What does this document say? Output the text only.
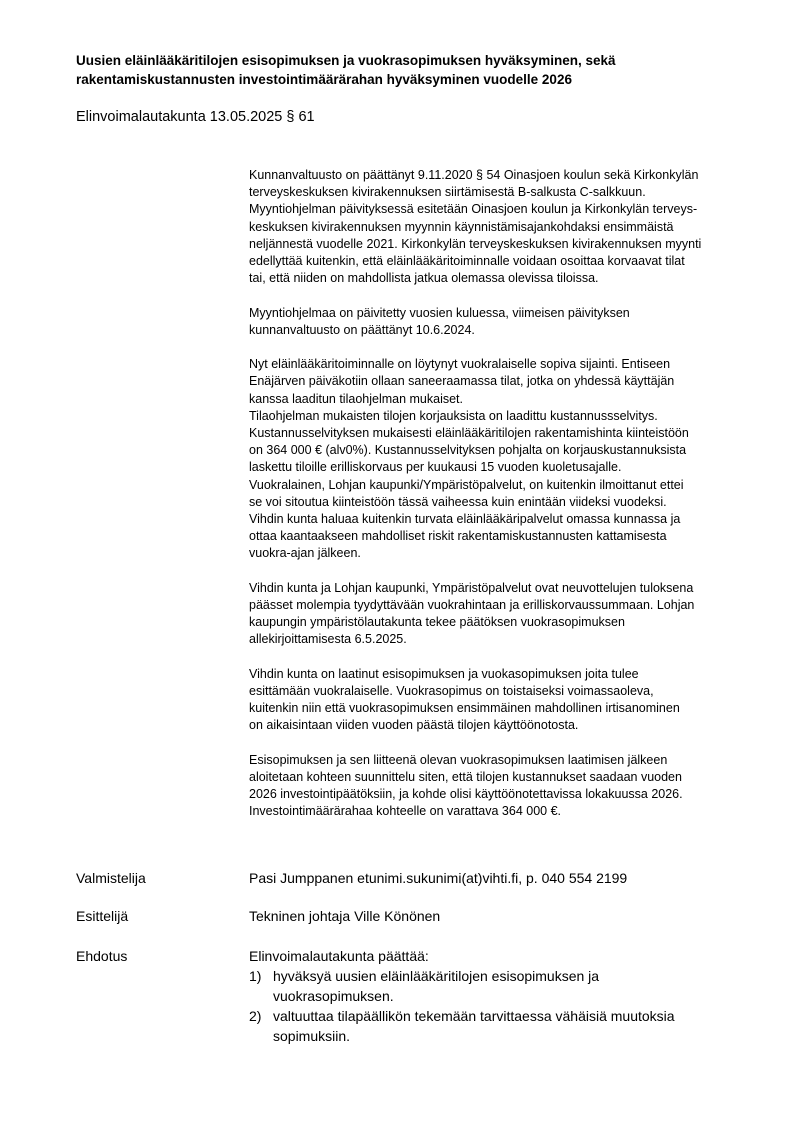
Uusien eläinlääkäritilojen esisopimuksen ja vuokrasopimuksen hyväksyminen, sekä
rakentamiskustannusten investointimäärärahan hyväksyminen vuodelle 2026
Elinvoimalautakunta 13.05.2025 § 61
Kunnanvaltuusto on päättänyt 9.11.2020 § 54 Oinasjoen koulun sekä Kirkonkylän
terveyskeskuksen kivirakennuksen siirtämisestä B-salkusta C-salkkuun.
Myyntiohjelman päivityksessä esitetään Oinasjoen koulun ja Kirkonkylän terveys-
keskuksen kivirakennuksen myynnin käynnistämisajankohdaksi ensimmäistä
neljännestä vuodelle 2021. Kirkonkylän terveyskeskuksen kivirakennuksen myynti
edellyttää kuitenkin, että eläinlääkäritoiminnalle voidaan osoittaa korvaavat tilat
tai, että niiden on mahdollista jatkua olemassa olevissa tiloissa.
Myyntiohjelmaa on päivitetty vuosien kuluessa, viimeisen päivityksen
kunnanvaltuusto on päättänyt 10.6.2024.
Nyt eläinlääkäritoiminnalle on löytynyt vuokralaiselle sopiva sijainti. Entiseen
Enäjärven päiväkotiin ollaan saneeraamassa tilat, jotka on yhdessä käyttäjän
kanssa laaditun tilaohjelman mukaiset.
Tilaohjelman mukaisten tilojen korjauksista on laadittu kustannussselvitys.
Kustannusselvityksen mukaisesti eläinlääkäritilojen rakentamishinta kiinteistöön
on 364 000 € (alv0%). Kustannusselvityksen pohjalta on korjauskustannuksista
laskettu tiloille erilliskorvaus per kuukausi 15 vuoden kuoletusajalle.
Vuokralainen, Lohjan kaupunki/Ympäristöpalvelut, on kuitenkin ilmoittanut ettei
se voi sitoutua kiinteistöön tässä vaiheessa kuin enintään viideksi vuodeksi.
Vihdin kunta haluaa kuitenkin turvata eläinlääkäripalvelut omassa kunnassa ja
ottaa kaantaakseen mahdolliset riskit rakentamiskustannusten kattamisesta
vuokra-ajan jälkeen.
Vihdin kunta ja Lohjan kaupunki, Ympäristöpalvelut ovat neuvottelujen tuloksena
päässet molempia tyydyttävään vuokrahintaan ja erilliskorvaussummaan. Lohjan
kaupungin ympäristölautakunta tekee päätöksen vuokrasopimuksen
allekirjoittamisesta 6.5.2025.
Vihdin kunta on laatinut esisopimuksen ja vuokasopimuksen joita tulee
esittämään vuokralaiselle. Vuokrasopimus on toistaiseksi voimassaoleva,
kuitenkin niin että vuokrasopimuksen ensimmäinen mahdollinen irtisanominen
on aikaisintaan viiden vuoden päästä tilojen käyttöönotosta.
Esisopimuksen ja sen liitteenä olevan vuokrasopimuksen laatimisen jälkeen
aloitetaan kohteen suunnittelu siten, että tilojen kustannukset saadaan vuoden
2026 investointipäätöksiin, ja kohde olisi käyttöönotettavissa lokakuussa 2026.
Investointimäärärahaa kohteelle on varattava 364 000 €.
Valmistelija	Pasi Jumppanen etunimi.sukunimi(at)vihti.fi, p. 040 554 2199
Esittelijä	Tekninen johtaja Ville Könönen
Ehdotus	Elinvoimalautakunta päättää:
1) hyväksyä uusien eläinlääkäritilojen esisopimuksen ja
vuokrasopimuksen.
2) valtuuttaa tilapäällikön tekemään tarvittaessa vähäisiä muutoksia
sopimuksiin.
